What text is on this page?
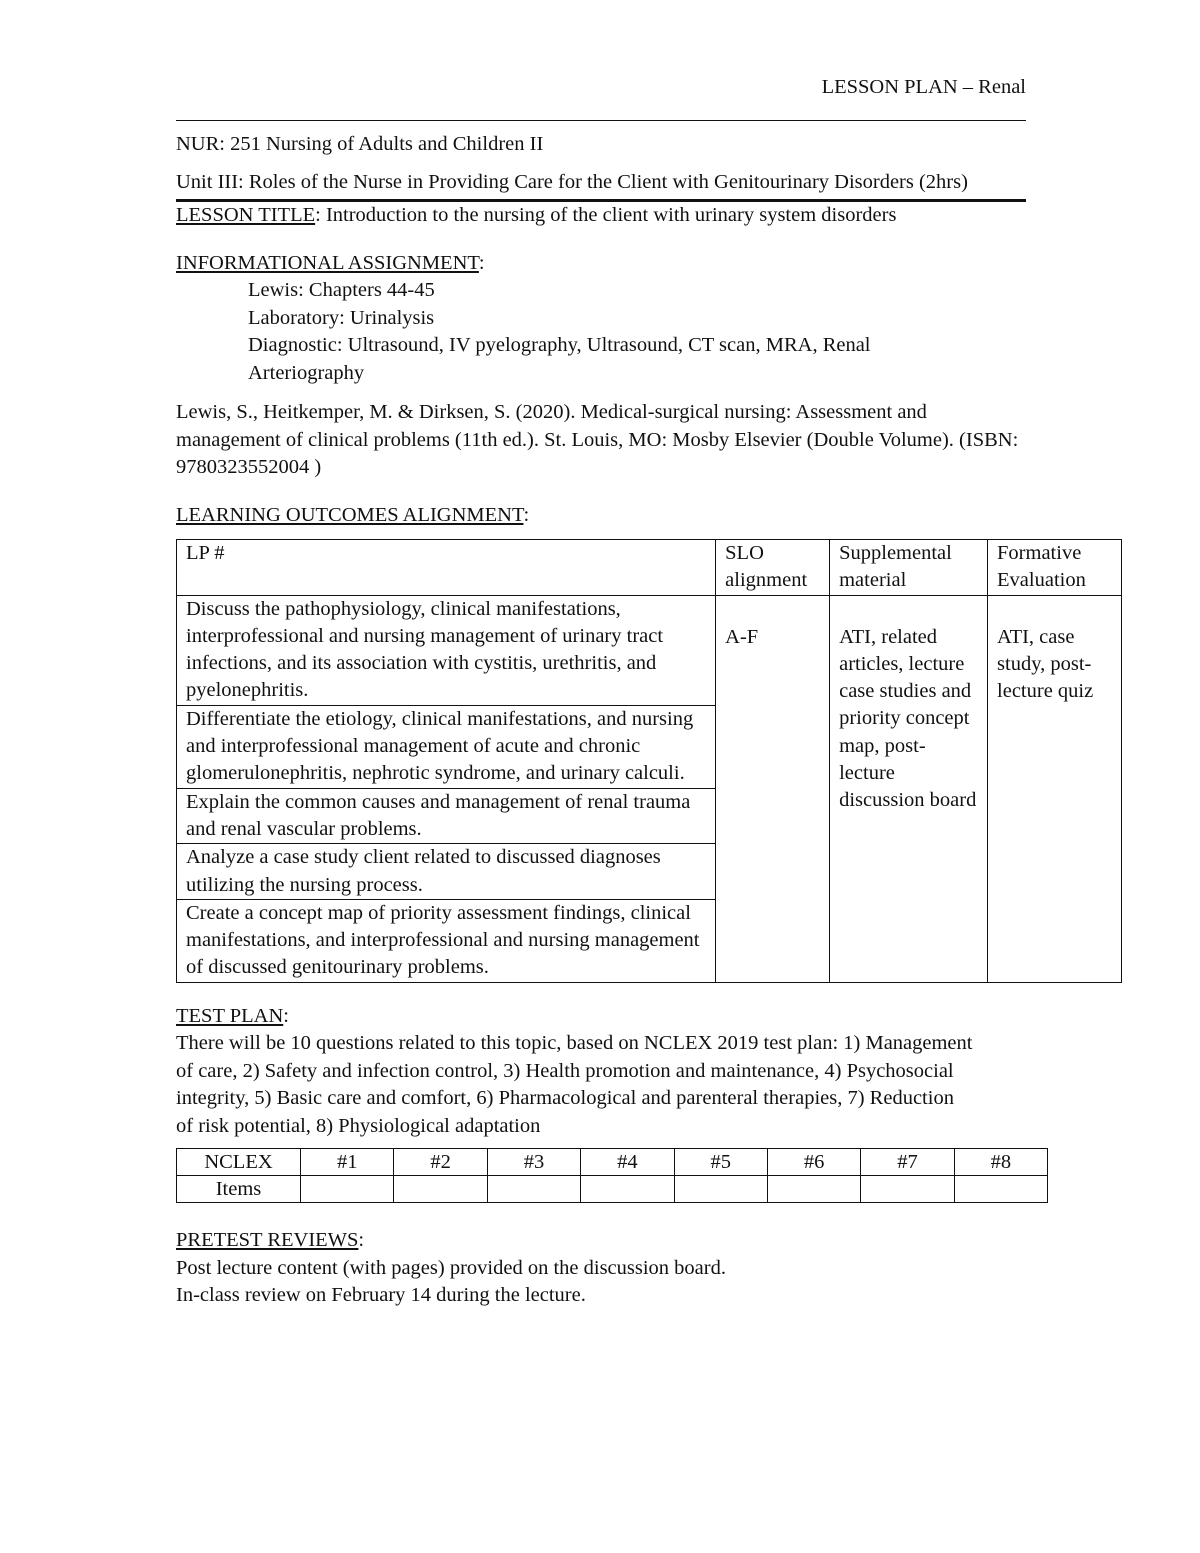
LESSON PLAN – Renal
NUR: 251 Nursing of Adults and Children II
Unit III: Roles of the Nurse in Providing Care for the Client with Genitourinary Disorders (2hrs)
LESSON TITLE: Introduction to the nursing of the client with urinary system disorders
INFORMATIONAL ASSIGNMENT:
Lewis: Chapters 44-45
Laboratory: Urinalysis
Diagnostic: Ultrasound, IV pyelography, Ultrasound, CT scan, MRA, Renal Arteriography
Lewis, S., Heitkemper, M. & Dirksen, S. (2020). Medical-surgical nursing: Assessment and management of clinical problems (11th ed.). St. Louis, MO: Mosby Elsevier (Double Volume). (ISBN: 9780323552004 )
LEARNING OUTCOMES ALIGNMENT:
LP #	SLO alignment	Supplemental material	Formative Evaluation
Discuss the pathophysiology, clinical manifestations, interprofessional and nursing management of urinary tract infections, and its association with cystitis, urethritis, and pyelonephritis.	A-F	ATI, related articles, lecture case studies and priority concept map, post-lecture discussion board	ATI, case study, post-lecture quiz
Differentiate the etiology, clinical manifestations, and nursing and interprofessional management of acute and chronic glomerulonephritis, nephrotic syndrome, and urinary calculi.			
Explain the common causes and management of renal trauma and renal vascular problems.			
Analyze a case study client related to discussed diagnoses utilizing the nursing process.			
Create a concept map of priority assessment findings, clinical manifestations, and interprofessional and nursing management of discussed genitourinary problems.			
TEST PLAN:
There will be 10 questions related to this topic, based on NCLEX 2019 test plan: 1) Management of care, 2) Safety and infection control, 3) Health promotion and maintenance, 4) Psychosocial integrity, 5) Basic care and comfort, 6) Pharmacological and parenteral therapies, 7) Reduction of risk potential, 8) Physiological adaptation
NCLEX	#1	#2	#3	#4	#5	#6	#7	#8
Items								
PRETEST REVIEWS:
Post lecture content (with pages) provided on the discussion board.
In-class review on February 14 during the lecture.
